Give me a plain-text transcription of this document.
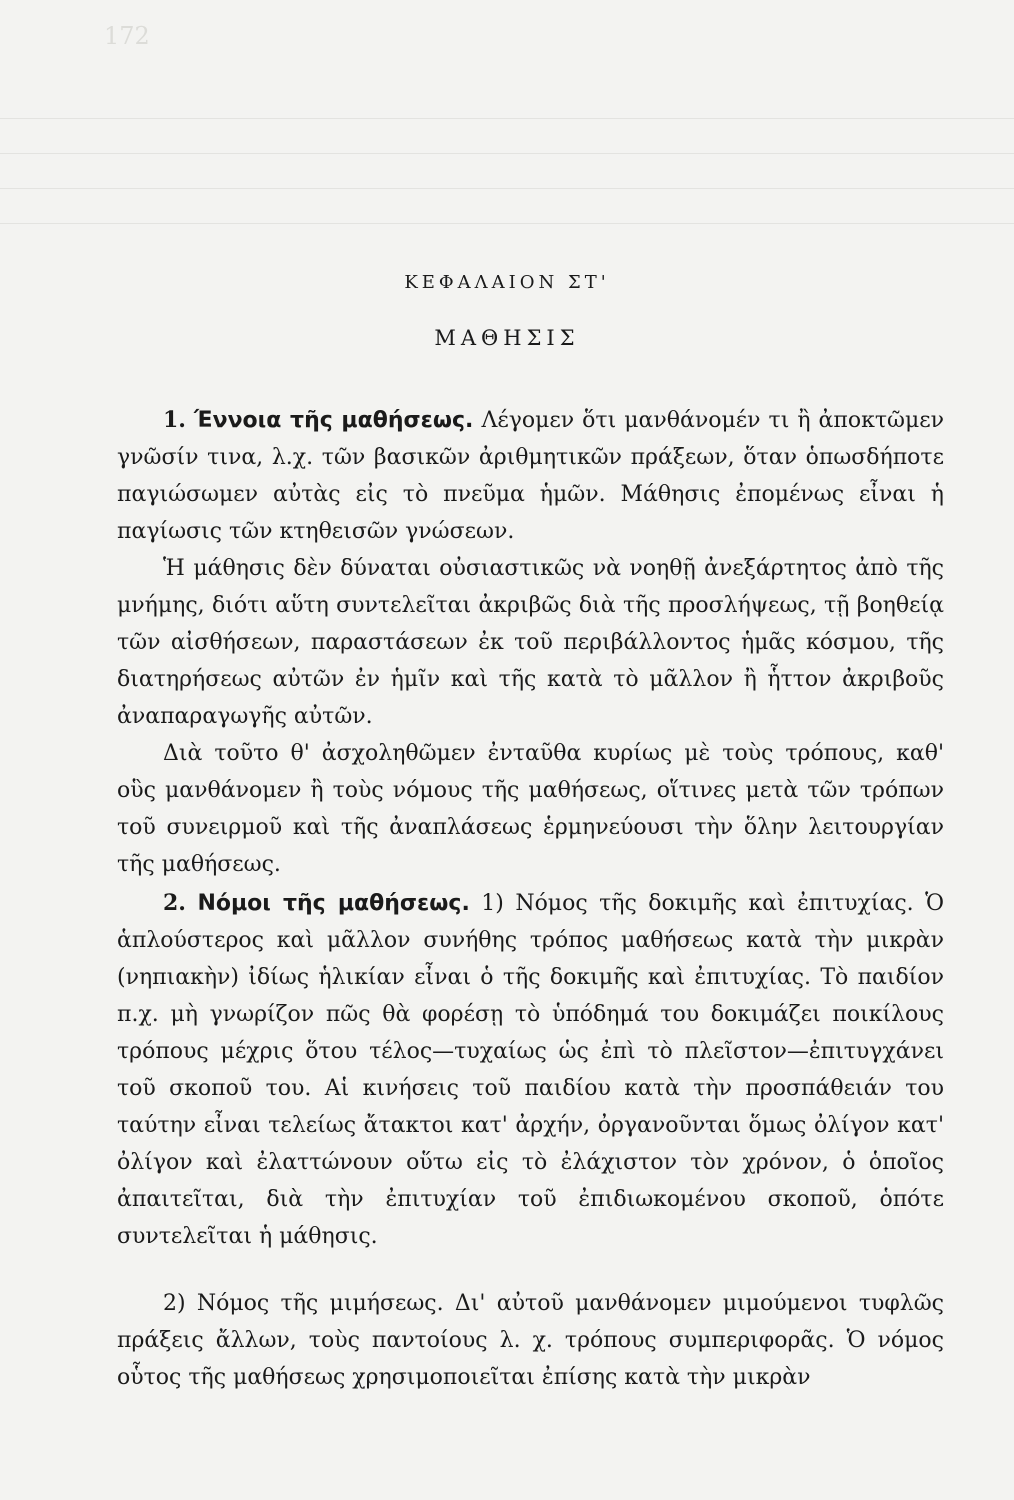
172
ΚΕΦΑΛΑΙΟΝ ΣΤ'
ΜΑΘΗΣΙΣ

1. Έννοια τῆς μαθήσεως. Λέγομεν ὅτι μανθάνομέν τι ἢ ἀποκτῶμεν γνῶσίν τινα, λ.χ. τῶν βασικῶν ἀριθμητικῶν πράξεων, ὅταν ὁπωσδήποτε παγιώσωμεν αὐτὰς εἰς τὸ πνεῦμα ἡμῶν. Μάθησις ἐπομένως εἶναι ἡ παγίωσις τῶν κτηθεισῶν γνώσεων.

Ἡ μάθησις δὲν δύναται οὐσιαστικῶς νὰ νοηθῇ ἀνεξάρτητος ἀπὸ τῆς μνήμης, διότι αὕτη συντελεῖται ἀκριβῶς διὰ τῆς προσλήψεως, τῇ βοηθείᾳ τῶν αἰσθήσεων, παραστάσεων ἐκ τοῦ περιβάλλοντος ἡμᾶς κόσμου, τῆς διατηρήσεως αὐτῶν ἐν ἡμῖν καὶ τῆς κατὰ τὸ μᾶλλον ἢ ἧττον ἀκριβοῦς ἀναπαραγωγῆς αὐτῶν.

Διὰ τοῦτο θ' ἀσχοληθῶμεν ἐνταῦθα κυρίως μὲ τοὺς τρόπους, καθ' οὓς μανθάνομεν ἢ τοὺς νόμους τῆς μαθήσεως, οἵτινες μετὰ τῶν τρόπων τοῦ συνειρμοῦ καὶ τῆς ἀναπλάσεως ἑρμηνεύουσι τὴν ὅλην λειτουργίαν τῆς μαθήσεως.

2. Νόμοι τῆς μαθήσεως. 1) Νόμος τῆς δοκιμῆς καὶ ἐπιτυχίας. Ὁ ἁπλούστερος καὶ μᾶλλον συνήθης τρόπος μαθήσεως κατὰ τὴν μικρὰν (νηπιακὴν) ἰδίως ἡλικίαν εἶναι ὁ τῆς δοκιμῆς καὶ ἐπιτυχίας. Τὸ παιδίον π.χ. μὴ γνωρίζον πῶς θὰ φορέσῃ τὸ ὑπόδημά του δοκιμάζει ποικίλους τρόπους μέχρις ὅτου τέλος—τυχαίως ὡς ἐπὶ τὸ πλεῖστον—ἐπιτυγχάνει τοῦ σκοποῦ του. Αἱ κινήσεις τοῦ παιδίου κατὰ τὴν προσπάθειάν του ταύτην εἶναι τελείως ἄτακτοι κατ' ἀρχήν, ὀργανοῦνται ὅμως ὀλίγον κατ' ὀλίγον καὶ ἐλαττώνουν οὕτω εἰς τὸ ἐλάχιστον τὸν χρόνον, ὁ ὁποῖος ἀπαιτεῖται, διὰ τὴν ἐπιτυχίαν τοῦ ἐπιδιωκομένου σκοποῦ, ὁπότε συντελεῖται ἡ μάθησις.

2) Νόμος τῆς μιμήσεως. Δι' αὐτοῦ μανθάνομεν μιμούμενοι τυφλῶς πράξεις ἄλλων, τοὺς παντοίους λ. χ. τρόπους συμπεριφορᾶς. Ὁ νόμος οὗτος τῆς μαθήσεως χρησιμοποιεῖται ἐπίσης κατὰ τὴν μικρὰν
